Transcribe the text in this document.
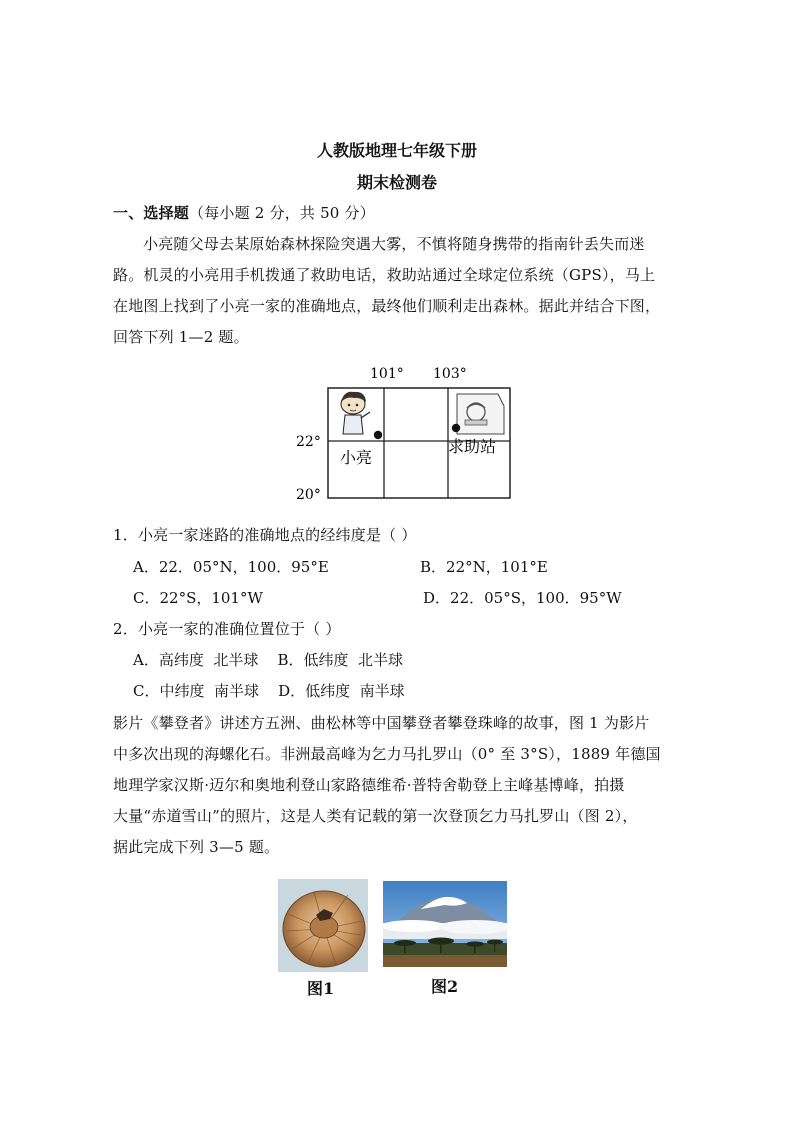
人教版地理七年级下册
期末检测卷
一、选择题（每小题 2 分，共 50 分）
小亮随父母去某原始森林探险突遇大雾，不慎将随身携带的指南针丢失而迷
路。机灵的小亮用手机拨通了救助电话，救助站通过全球定位系统（GPS），马上
在地图上找到了小亮一家的准确地点，最终他们顺利走出森林。据此并结合下图，
回答下列 1—2 题。
101° 103°
22°
20°
小亮
求助站
1．小亮一家迷路的准确地点的经纬度是（ ）
A．22．05°N，100．95°E	B．22°N，101°E
C．22°S，101°W	D．22．05°S，100．95°W
2．小亮一家的准确位置位于（ ）
A．高纬度  北半球    B．低纬度  北半球
C．中纬度  南半球    D．低纬度  南半球
影片《攀登者》讲述方五洲、曲松林等中国攀登者攀登珠峰的故事，图 1 为影片
中多次出现的海螺化石。非洲最高峰为乞力马扎罗山（0° 至 3°S），1889 年德国
地理学家汉斯·迈尔和奥地利登山家路德维希·普特舍勒登上主峰基博峰，拍摄
大量“赤道雪山”的照片，这是人类有记载的第一次登顶乞力马扎罗山（图 2），
据此完成下列 3—5 题。
图1	图2
